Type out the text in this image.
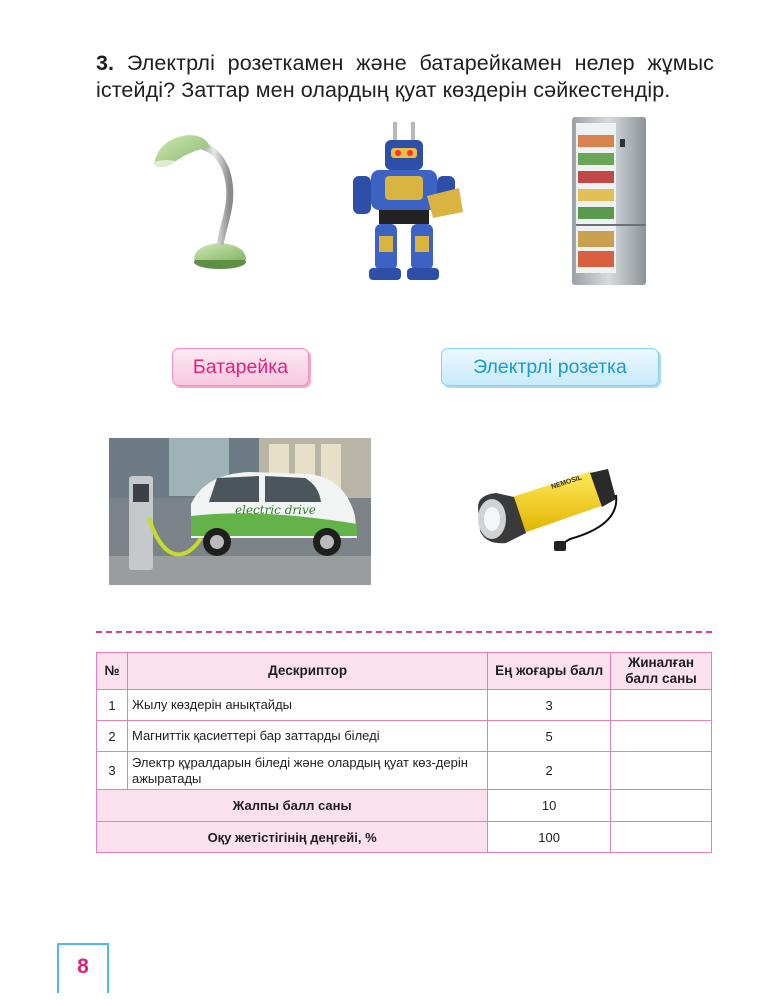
3. Электрлі розеткамен және батарейкамен нелер жұмыс істейді? Заттар мен олардың қуат көздерін сәйкестендір.

Батарейка	Электрлі розетка
electric drive
NEMOSIL
№	Дескриптор	Ең жоғары балл	Жиналған балл саны
1	Жылу көздерін анықтайды	3	
2	Магниттік қасиеттері бар заттарды біледі	5	
3	Электр құралдарын біледі және олардың қуат көз-дерін ажыратады	2	
Жалпы балл саны		10	
Оқу жетістігінің деңгейі, %		100	
8
